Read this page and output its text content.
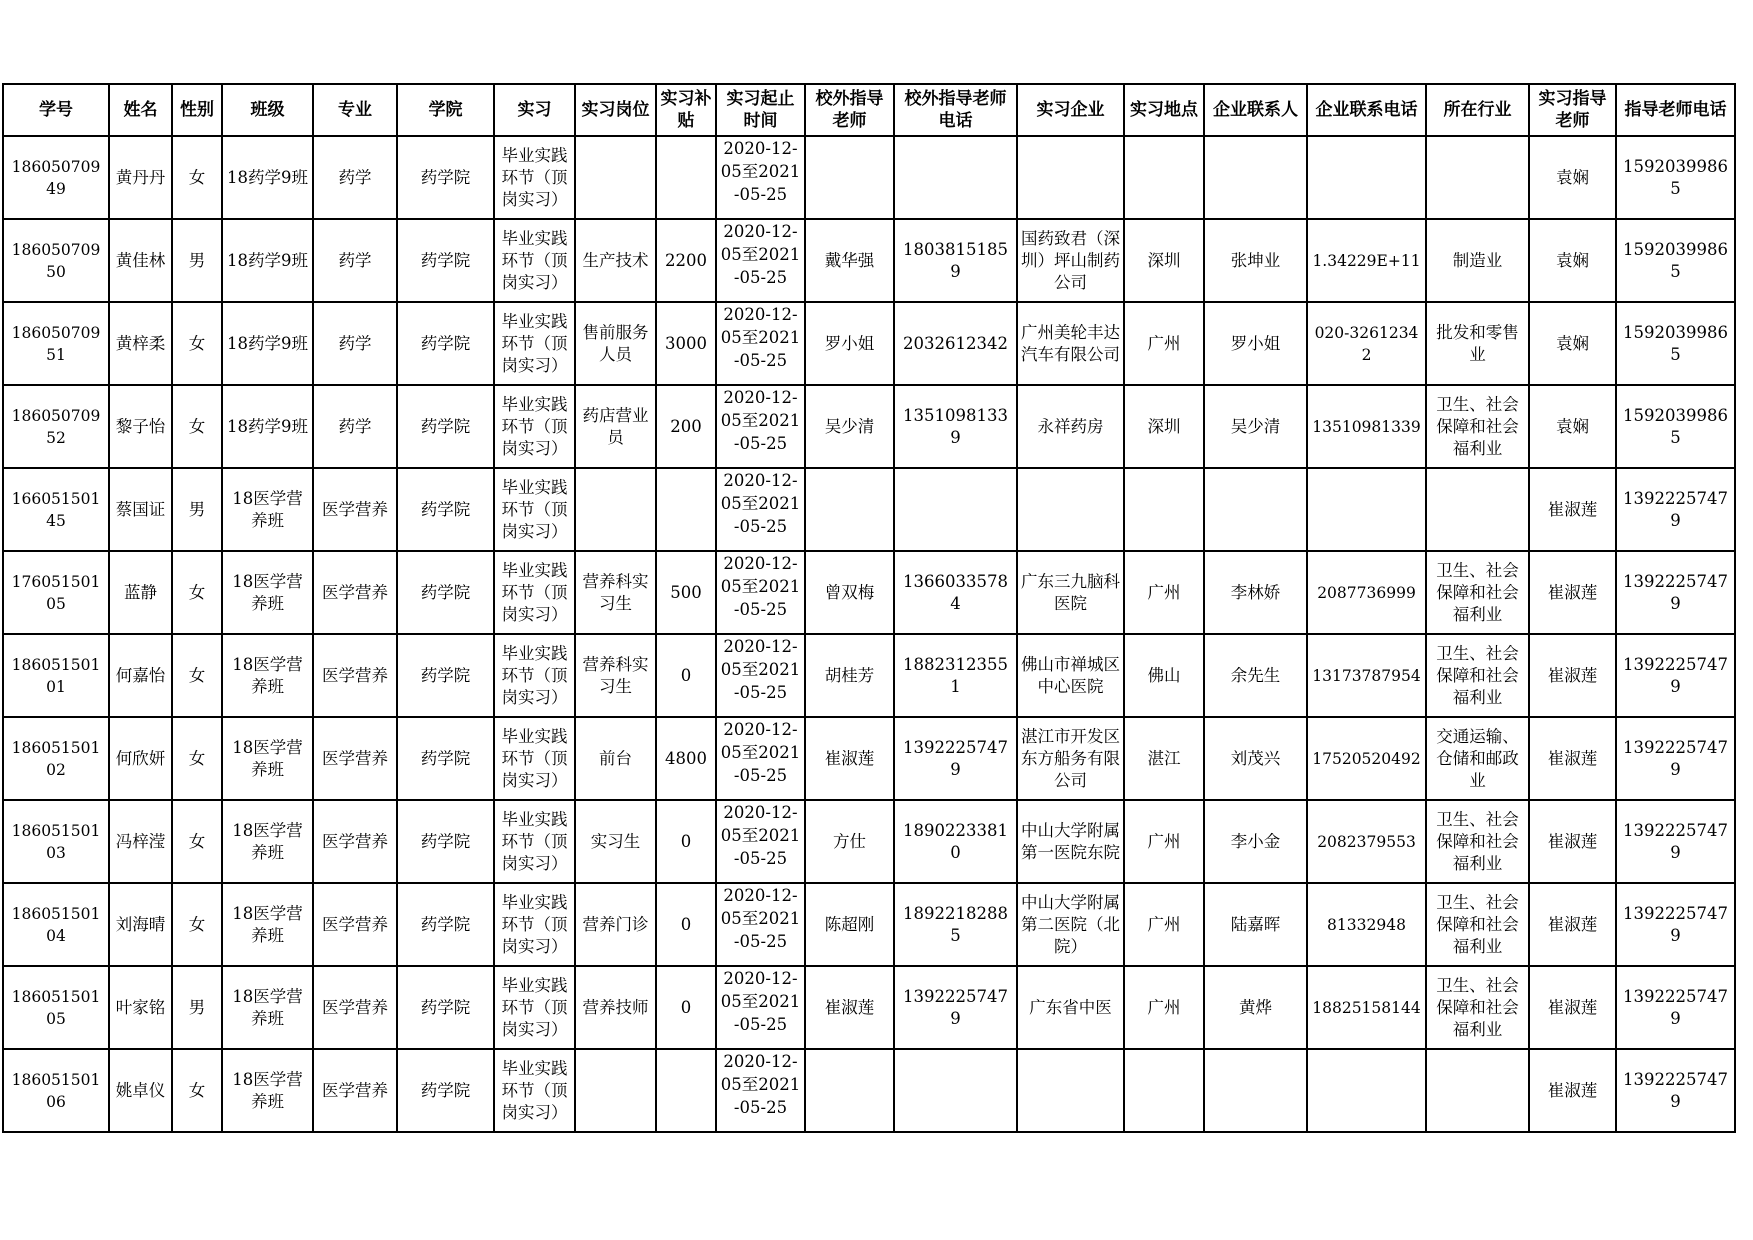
学号	姓名	性别	班级	专业	学院	实习	实习岗位	实习补贴	实习起止时间	校外指导老师	校外指导老师电话	实习企业	实习地点	企业联系人	企业联系电话	所在行业	实习指导老师	指导老师电话
18605070949	黄丹丹	女	18药学9班	药学	药学院	毕业实践环节（顶岗实习）			2020-12-05至2021-05-25								袁娴	15920399865
18605070950	黄佳林	男	18药学9班	药学	药学院	毕业实践环节（顶岗实习）	生产技术	2200	2020-12-05至2021-05-25	戴华强	18038151859	国药致君（深圳）坪山制药公司	深圳	张坤业	1.34229E+11	制造业	袁娴	15920399865
18605070951	黄梓柔	女	18药学9班	药学	药学院	毕业实践环节（顶岗实习）	售前服务人员	3000	2020-12-05至2021-05-25	罗小姐	2032612342	广州美轮丰达汽车有限公司	广州	罗小姐	020-32612342	批发和零售业	袁娴	15920399865
18605070952	黎子怡	女	18药学9班	药学	药学院	毕业实践环节（顶岗实习）	药店营业员	200	2020-12-05至2021-05-25	吴少清	13510981339	永祥药房	深圳	吴少清	13510981339	卫生、社会保障和社会福利业	袁娴	15920399865
16605150145	蔡国证	男	18医学营养班	医学营养	药学院	毕业实践环节（顶岗实习）			2020-12-05至2021-05-25								崔淑莲	13922257479
17605150105	蓝静	女	18医学营养班	医学营养	药学院	毕业实践环节（顶岗实习）	营养科实习生	500	2020-12-05至2021-05-25	曾双梅	13660335784	广东三九脑科医院	广州	李林娇	2087736999	卫生、社会保障和社会福利业	崔淑莲	13922257479
18605150101	何嘉怡	女	18医学营养班	医学营养	药学院	毕业实践环节（顶岗实习）	营养科实习生	0	2020-12-05至2021-05-25	胡桂芳	18823123551	佛山市禅城区中心医院	佛山	余先生	13173787954	卫生、社会保障和社会福利业	崔淑莲	13922257479
18605150102	何欣妍	女	18医学营养班	医学营养	药学院	毕业实践环节（顶岗实习）	前台	4800	2020-12-05至2021-05-25	崔淑莲	13922257479	湛江市开发区东方船务有限公司	湛江	刘茂兴	17520520492	交通运输、仓储和邮政业	崔淑莲	13922257479
18605150103	冯梓滢	女	18医学营养班	医学营养	药学院	毕业实践环节（顶岗实习）	实习生	0	2020-12-05至2021-05-25	方仕	18902233810	中山大学附属第一医院东院	广州	李小金	2082379553	卫生、社会保障和社会福利业	崔淑莲	13922257479
18605150104	刘海晴	女	18医学营养班	医学营养	药学院	毕业实践环节（顶岗实习）	营养门诊	0	2020-12-05至2021-05-25	陈超刚	18922182885	中山大学附属第二医院（北院）	广州	陆嘉晖	81332948	卫生、社会保障和社会福利业	崔淑莲	13922257479
18605150105	叶家铭	男	18医学营养班	医学营养	药学院	毕业实践环节（顶岗实习）	营养技师	0	2020-12-05至2021-05-25	崔淑莲	13922257479	广东省中医	广州	黄烨	18825158144	卫生、社会保障和社会福利业	崔淑莲	13922257479
18605150106	姚卓仪	女	18医学营养班	医学营养	药学院	毕业实践环节（顶岗实习）			2020-12-05至2021-05-25								崔淑莲	13922257479
